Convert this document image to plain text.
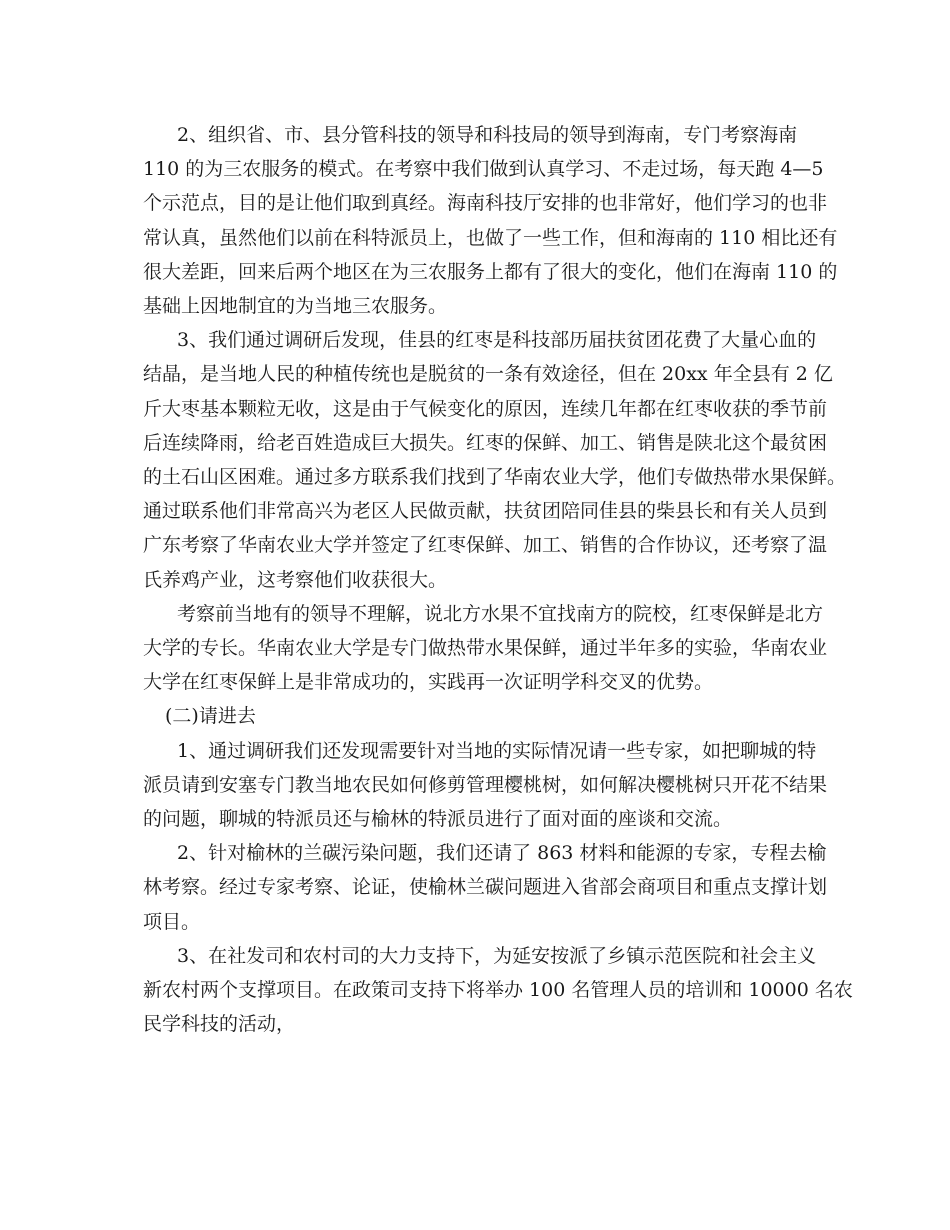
2、组织省、市、县分管科技的领导和科技局的领导到海南，专门考察海南
110 的为三农服务的模式。在考察中我们做到认真学习、不走过场，每天跑 4—5
个示范点，目的是让他们取到真经。海南科技厅安排的也非常好，他们学习的也非
常认真，虽然他们以前在科特派员上，也做了一些工作，但和海南的 110 相比还有
很大差距，回来后两个地区在为三农服务上都有了很大的变化，他们在海南 110 的
基础上因地制宜的为当地三农服务。
3、我们通过调研后发现，佳县的红枣是科技部历届扶贫团花费了大量心血的
结晶，是当地人民的种植传统也是脱贫的一条有效途径，但在 20xx 年全县有 2 亿
斤大枣基本颗粒无收，这是由于气候变化的原因，连续几年都在红枣收获的季节前
后连续降雨，给老百姓造成巨大损失。红枣的保鲜、加工、销售是陕北这个最贫困
的土石山区困难。通过多方联系我们找到了华南农业大学，他们专做热带水果保鲜。
通过联系他们非常高兴为老区人民做贡献，扶贫团陪同佳县的柴县长和有关人员到
广东考察了华南农业大学并签定了红枣保鲜、加工、销售的合作协议，还考察了温
氏养鸡产业，这考察他们收获很大。
考察前当地有的领导不理解，说北方水果不宜找南方的院校，红枣保鲜是北方
大学的专长。华南农业大学是专门做热带水果保鲜，通过半年多的实验，华南农业
大学在红枣保鲜上是非常成功的，实践再一次证明学科交叉的优势。
(二)请进去
1、通过调研我们还发现需要针对当地的实际情况请一些专家，如把聊城的特
派员请到安塞专门教当地农民如何修剪管理樱桃树，如何解决樱桃树只开花不结果
的问题，聊城的特派员还与榆林的特派员进行了面对面的座谈和交流。
2、针对榆林的兰碳污染问题，我们还请了 863 材料和能源的专家，专程去榆
林考察。经过专家考察、论证，使榆林兰碳问题进入省部会商项目和重点支撑计划
项目。
3、在社发司和农村司的大力支持下，为延安按派了乡镇示范医院和社会主义
新农村两个支撑项目。在政策司支持下将举办 100 名管理人员的培训和 10000 名农
民学科技的活动，
